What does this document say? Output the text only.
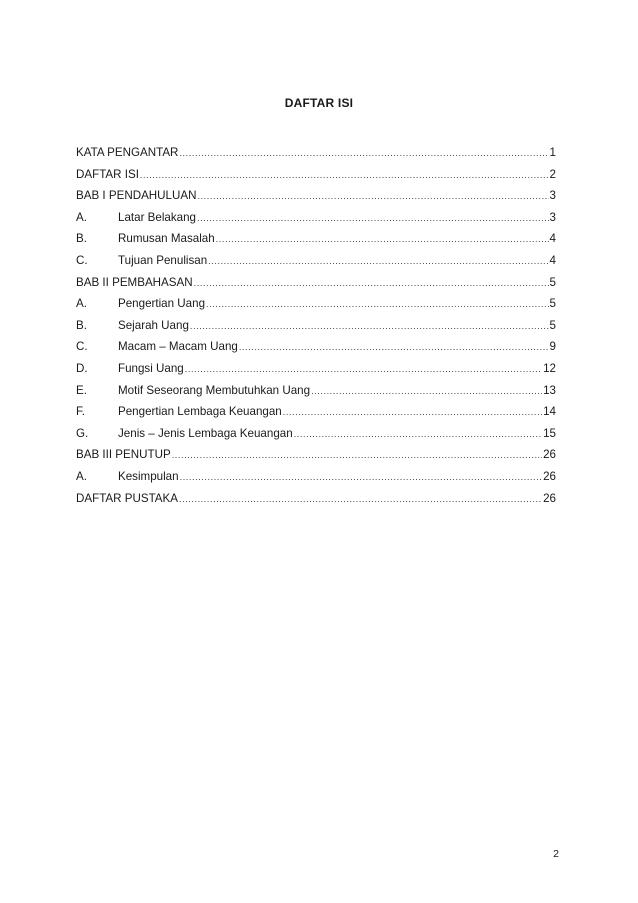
DAFTAR ISI
KATA PENGANTAR .....	1
DAFTAR ISI .....	2
BAB I PENDAHULUAN .....	3
A.	Latar Belakang .....	3
B.	Rumusan Masalah .....	4
C.	Tujuan Penulisan .....	4
BAB II PEMBAHASAN .....	5
A.	Pengertian Uang .....	5
B.	Sejarah Uang .....	5
C.	Macam – Macam Uang .....	9
D.	Fungsi Uang .....	12
E.	Motif Seseorang Membutuhkan Uang .....	13
F.	Pengertian Lembaga Keuangan .....	14
G.	Jenis – Jenis Lembaga Keuangan .....	15
BAB III PENUTUP .....	26
A.	Kesimpulan .....	26
DAFTAR PUSTAKA .....	26
2
